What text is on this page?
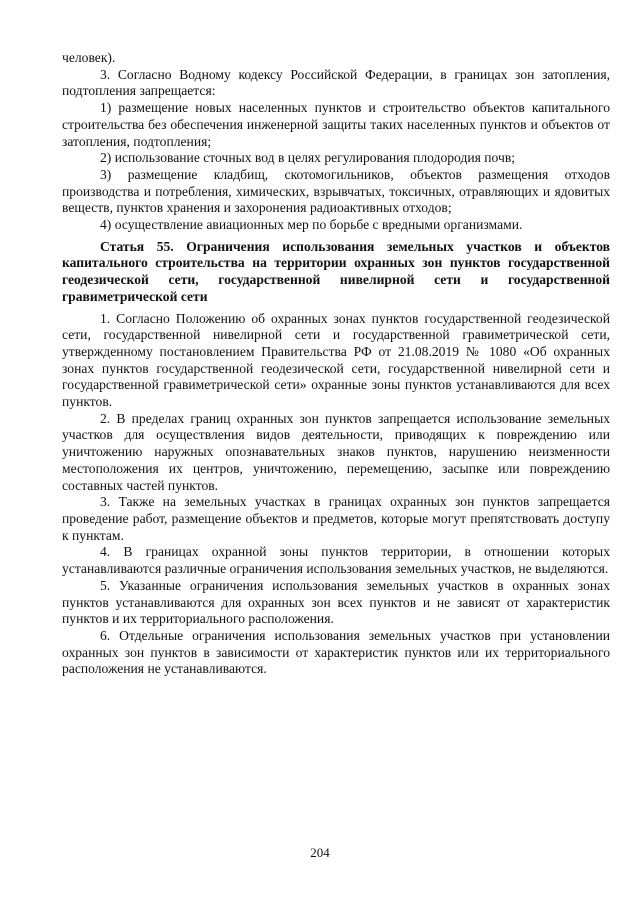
человек).

3. Согласно Водному кодексу Российской Федерации, в границах зон затопления, подтопления запрещается:

1) размещение новых населенных пунктов и строительство объектов капитального строительства без обеспечения инженерной защиты таких населенных пунктов и объектов от затопления, подтопления;

2) использование сточных вод в целях регулирования плодородия почв;

3) размещение кладбищ, скотомогильников, объектов размещения отходов производства и потребления, химических, взрывчатых, токсичных, отравляющих и ядовитых веществ, пунктов хранения и захоронения радиоактивных отходов;

4) осуществление авиационных мер по борьбе с вредными организмами.

Статья 55. Ограничения использования земельных участков и объектов капитального строительства на территории охранных зон пунктов государственной геодезической сети, государственной нивелирной сети и государственной гравиметрической сети

1. Согласно Положению об охранных зонах пунктов государственной геодезической сети, государственной нивелирной сети и государственной гравиметрической сети, утвержденному постановлением Правительства РФ от 21.08.2019 № 1080 «Об охранных зонах пунктов государственной геодезической сети, государственной нивелирной сети и государственной гравиметрической сети» охранные зоны пунктов устанавливаются для всех пунктов.

2. В пределах границ охранных зон пунктов запрещается использование земельных участков для осуществления видов деятельности, приводящих к повреждению или уничтожению наружных опознавательных знаков пунктов, нарушению неизменности местоположения их центров, уничтожению, перемещению, засыпке или повреждению составных частей пунктов.

3. Также на земельных участках в границах охранных зон пунктов запрещается проведение работ, размещение объектов и предметов, которые могут препятствовать доступу к пунктам.

4. В границах охранной зоны пунктов территории, в отношении которых устанавливаются различные ограничения использования земельных участков, не выделяются.

5. Указанные ограничения использования земельных участков в охранных зонах пунктов устанавливаются для охранных зон всех пунктов и не зависят от характеристик пунктов и их территориального расположения.

6. Отдельные ограничения использования земельных участков при установлении охранных зон пунктов в зависимости от характеристик пунктов или их территориального расположения не устанавливаются.

204
